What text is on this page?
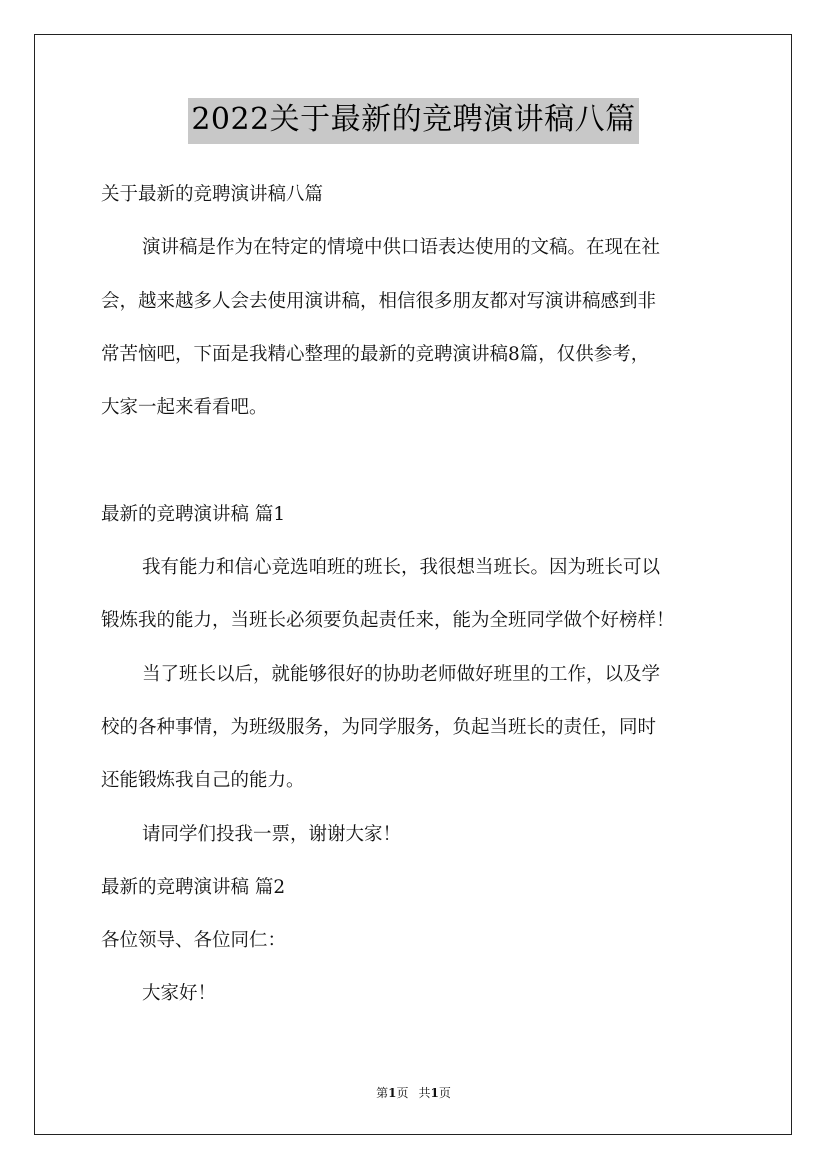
2022关于最新的竞聘演讲稿八篇
关于最新的竞聘演讲稿八篇
演讲稿是作为在特定的情境中供口语表达使用的文稿。在现在社
会，越来越多人会去使用演讲稿，相信很多朋友都对写演讲稿感到非
常苦恼吧，下面是我精心整理的最新的竞聘演讲稿8篇，仅供参考，
大家一起来看看吧。
最新的竞聘演讲稿 篇1
我有能力和信心竞选咱班的班长，我很想当班长。因为班长可以
锻炼我的能力，当班长必须要负起责任来，能为全班同学做个好榜样！
当了班长以后，就能够很好的协助老师做好班里的工作，以及学
校的各种事情，为班级服务，为同学服务，负起当班长的责任，同时
还能锻炼我自己的能力。
请同学们投我一票，谢谢大家！
最新的竞聘演讲稿 篇2
各位领导、各位同仁：
大家好！
第1页 共1页
